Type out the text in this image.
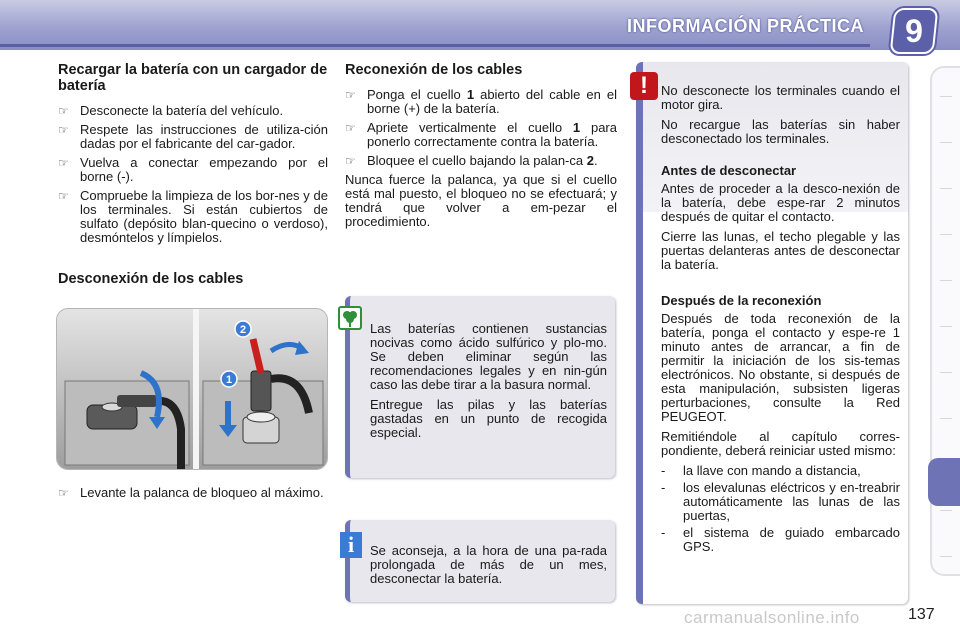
INFORMACIÓN PRÁCTICA	9
Recargar la batería con un cargador de batería
☞ Desconecte la batería del vehículo.
☞ Respete las instrucciones de utiliza-ción dadas por el fabricante del car-gador.
☞ Vuelva a conectar empezando por el borne (-).
☞ Compruebe la limpieza de los bor-nes y de los terminales. Si están cubiertos de sulfato (depósito blan-quecino o verdoso), desmóntelos y límpielos.
Desconexión de los cables
2
1
☞ Levante la palanca de bloqueo al máximo.
Reconexión de los cables
☞ Ponga el cuello 1 abierto del cable en el borne (+) de la batería.
☞ Apriete verticalmente el cuello 1 para ponerlo correctamente contra la batería.
☞ Bloquee el cuello bajando la palan-ca 2.

Nunca fuerce la palanca, ya que si el cuello está mal puesto, el bloqueo no se efectuará; y tendrá que volver a em-pezar el procedimiento.

Las baterías contienen sustancias nocivas como ácido sulfúrico y plo-mo. Se deben eliminar según las recomendaciones legales y en nin-gún caso las debe tirar a la basura normal.

Entregue las pilas y las baterías gastadas en un punto de recogida especial.

Se aconseja, a la hora de una pa-rada prolongada de más de un mes, desconectar la batería.
i

No desconecte los terminales cuando el motor gira.

No recargue las baterías sin haber desconectado los terminales.

Antes de desconectar

Antes de proceder a la desco-nexión de la batería, debe espe-rar 2 minutos después de quitar el contacto.

Cierre las lunas, el techo plegable y las puertas delanteras antes de desconectar la batería.

Después de la reconexión

Después de toda reconexión de la batería, ponga el contacto y espe-re 1 minuto antes de arrancar, a fin de permitir la iniciación de los sis-temas electrónicos. No obstante, si después de esta manipulación, subsisten ligeras perturbaciones, consulte la Red PEUGEOT.

Remitiéndole al capítulo corres-pondiente, deberá reiniciar usted mismo:

-	la llave con mando a distancia,
-	los elevalunas eléctricos y en-treabrir automáticamente las lunas de las puertas,
-	el sistema de guiado embarcado GPS.
!
carmanualsonline.info	137
